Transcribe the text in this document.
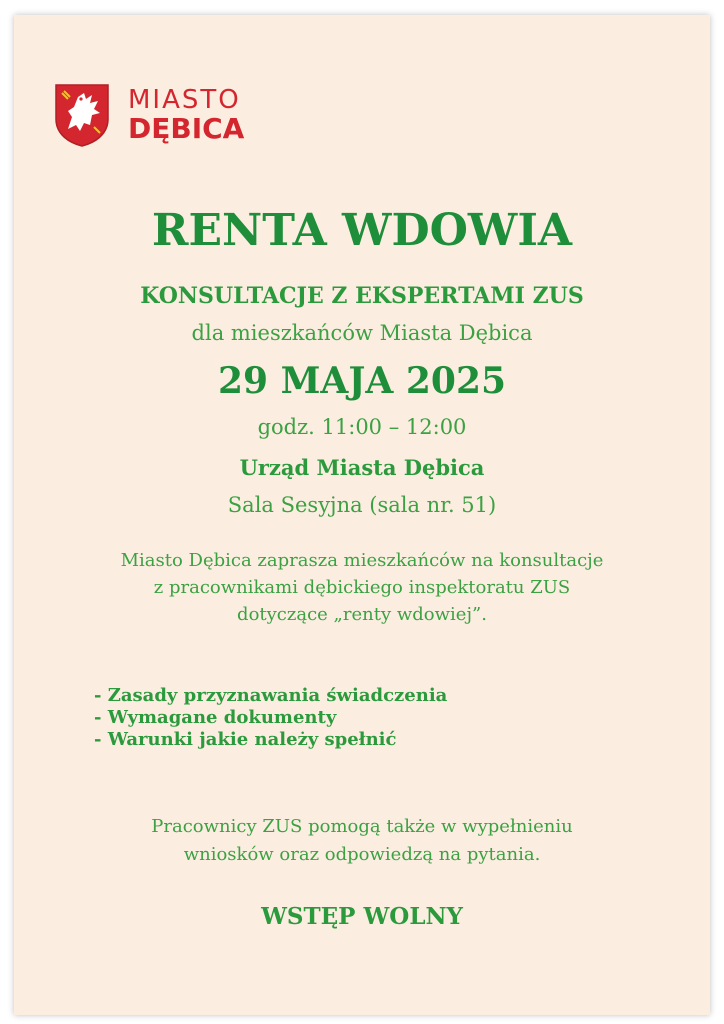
MIASTO
DĘBICA
RENTA WDOWIA
KONSULTACJE Z EKSPERTAMI ZUS
dla mieszkańców Miasta Dębica
29 MAJA 2025
godz. 11:00 – 12:00
Urząd Miasta Dębica
Sala Sesyjna (sala nr. 51)
Miasto Dębica zaprasza mieszkańców na konsultacje
z pracownikami dębickiego inspektoratu ZUS
dotyczące „renty wdowiej”.
- Zasady przyznawania świadczenia
- Wymagane dokumenty
- Warunki jakie należy spełnić
Pracownicy ZUS pomogą także w wypełnieniu
wniosków oraz odpowiedzą na pytania.
WSTĘP WOLNY
